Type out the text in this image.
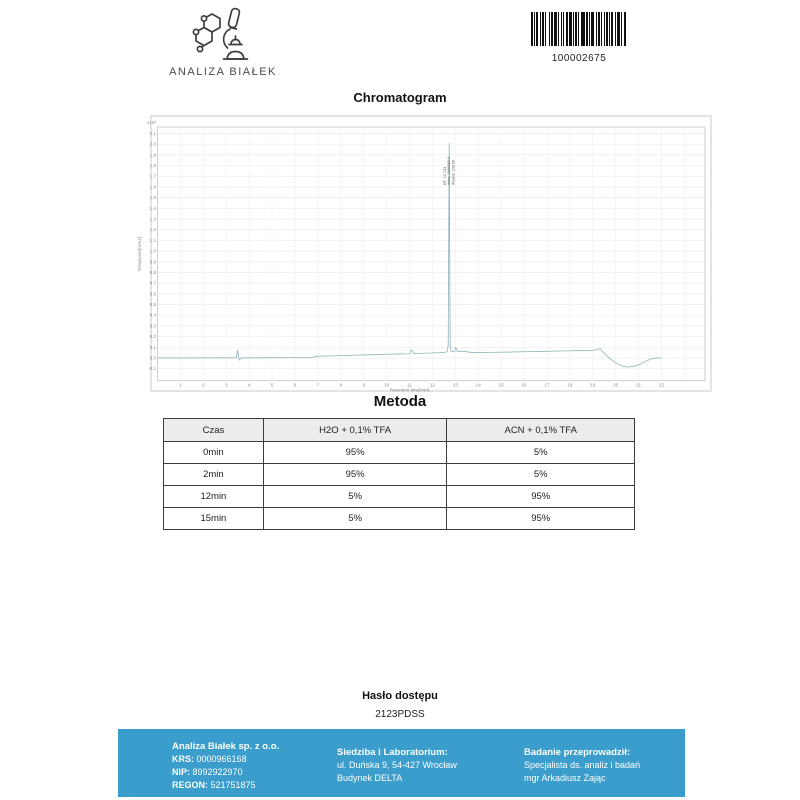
ANALIZA BIAŁEK
100002675
Chromatogram
-0.1
0.0
0.1
0.2
0.3
0.4
0.5
0.6
0.7
0.8
0.9
1.0
1.1
1.2
1.3
1.4
1.5
1.6
1.7
1.8
1.9
2.0
2.1
x10²
1	2	3	4	5	6	7	8	9	10	11	12	13	14	15	16	17	18	19	20	21	22
Retention time[min]
Response[mAU]
RT: 12.733 Area: 1886480.0 Area%: 100.00
Metoda
Czas	H2O + 0,1% TFA	ACN + 0,1% TFA
0min	95%	5%
2min	95%	5%
12min	5%	95%
15min	5%	95%
Hasło dostępu
2123PDSS
Analiza Białek sp. z o.o.
KRS: 0000966168
NIP: 8992922970
REGON: 521751875
Siedziba i Laboratorium:
ul. Duńska 9, 54-427 Wrocław
Budynek DELTA
Badanie przeprowadził:
Specjalista ds. analiz i badań
mgr Arkadiusz Zając
